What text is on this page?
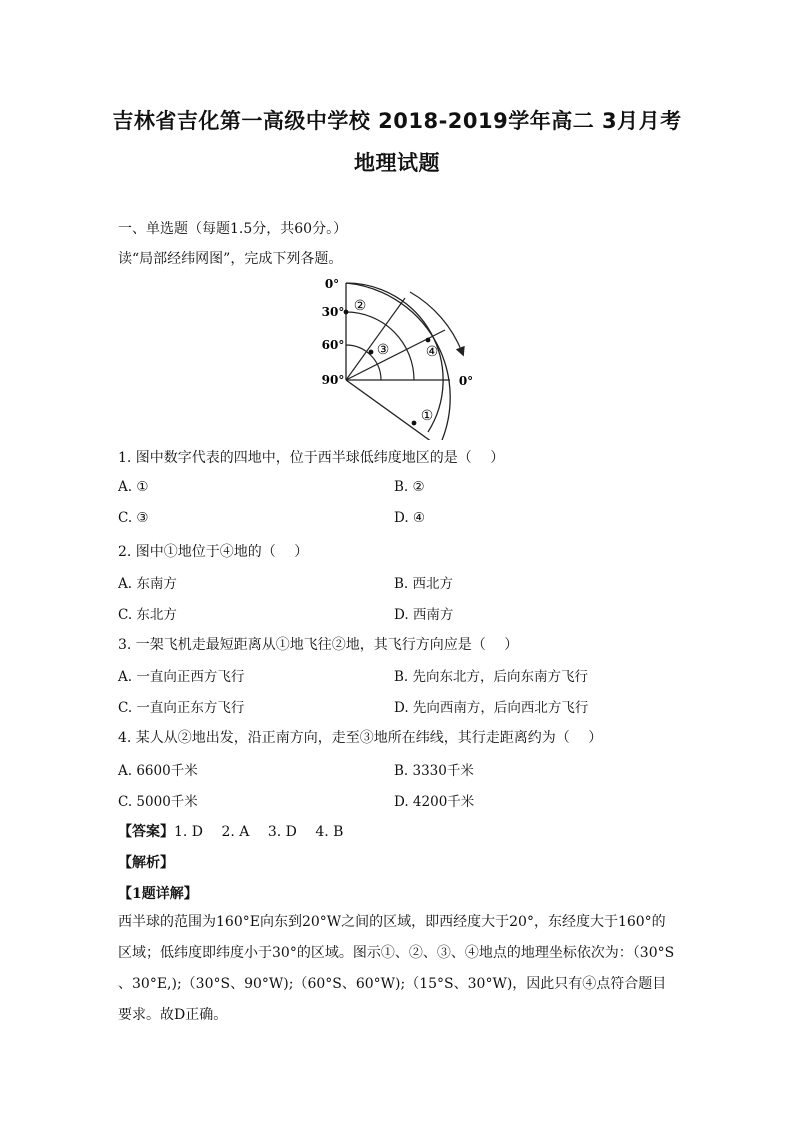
吉林省吉化第一高级中学校 2018-2019学年高二 3月月考
地理试题
一、单选题（每题1.5分，共60分。）
读“局部经纬网图”，完成下列各题。
0°
30°
60°
90°	0°
②
③	④
①
1. 图中数字代表的四地中，位于西半球低纬度地区的是（　 ）
A. ①	B. ②
C. ③	D. ④
2. 图中①地位于④地的（　 ）
A. 东南方	B. 西北方
C. 东北方	D. 西南方
3. 一架飞机走最短距离从①地飞往②地，其飞行方向应是（　 ）
A. 一直向正西方飞行	B. 先向东北方，后向东南方飞行
C. 一直向正东方飞行	D. 先向西南方，后向西北方飞行
4. 某人从②地出发，沿正南方向，走至③地所在纬线，其行走距离约为（　 ）
A. 6600千米	B. 3330千米
C. 5000千米	D. 4200千米
【答案】1. D　 2. A　 3. D　 4. B
【解析】
【1题详解】
西半球的范围为160°E向东到20°W之间的区域，即西经度大于20°，东经度大于160°的区域；低纬度即纬度小于30°的区域。图示①、②、③、④地点的地理坐标依次为：（30°S 、30°E,);（30°S、90°W);（60°S、60°W);（15°S、30°W)，因此只有④点符合题目要求。故D正确。
